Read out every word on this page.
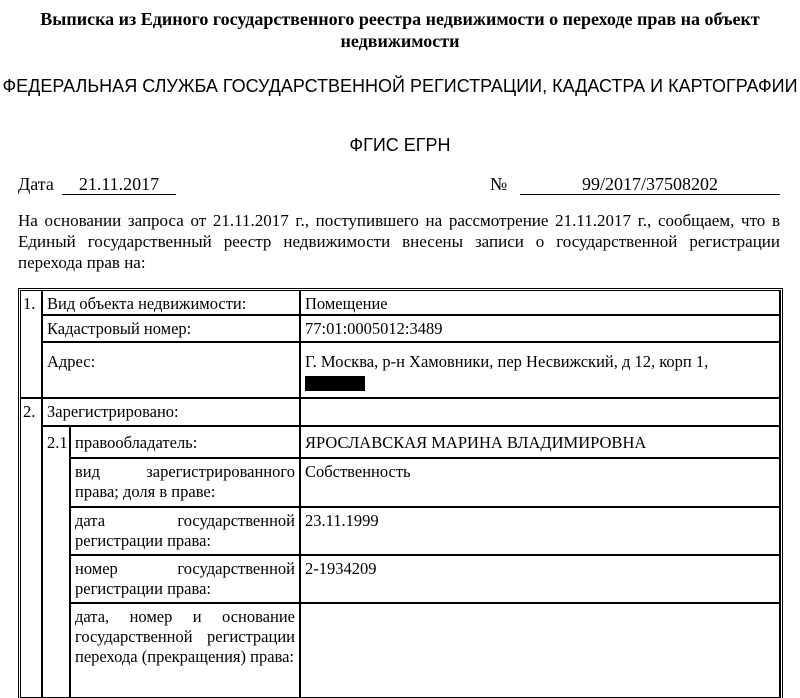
Выписка из Единого государственного реестра недвижимости о переходе прав на объект недвижимости
ФЕДЕРАЛЬНАЯ СЛУЖБА ГОСУДАРСТВЕННОЙ РЕГИСТРАЦИИ, КАДАСТРА И КАРТОГРАФИИ
ФГИС ЕГРН
Дата	21.11.2017	№	99/2017/37508202
На основании запроса от 21.11.2017 г., поступившего на рассмотрение 21.11.2017 г., сообщаем, что в Единый государственный реестр недвижимости внесены записи о государственной регистрации перехода прав на:
1. Вид объекта недвижимости:	Помещение
Кадастровый номер:	77:01:0005012:3489
Адрес:	Г. Москва, р-н Хамовники, пер Несвижский, д 12, корп 1,

2. Зарегистрировано:
2.1 правообладатель:	ЯРОСЛАВСКАЯ МАРИНА ВЛАДИМИРОВНА
вид зарегистрированного права; доля в праве:
Собственность
дата государственной регистрации права:
23.11.1999
номер государственной регистрации права:
2-1934209
дата, номер и основание государственной регистрации перехода (прекращения) права:
